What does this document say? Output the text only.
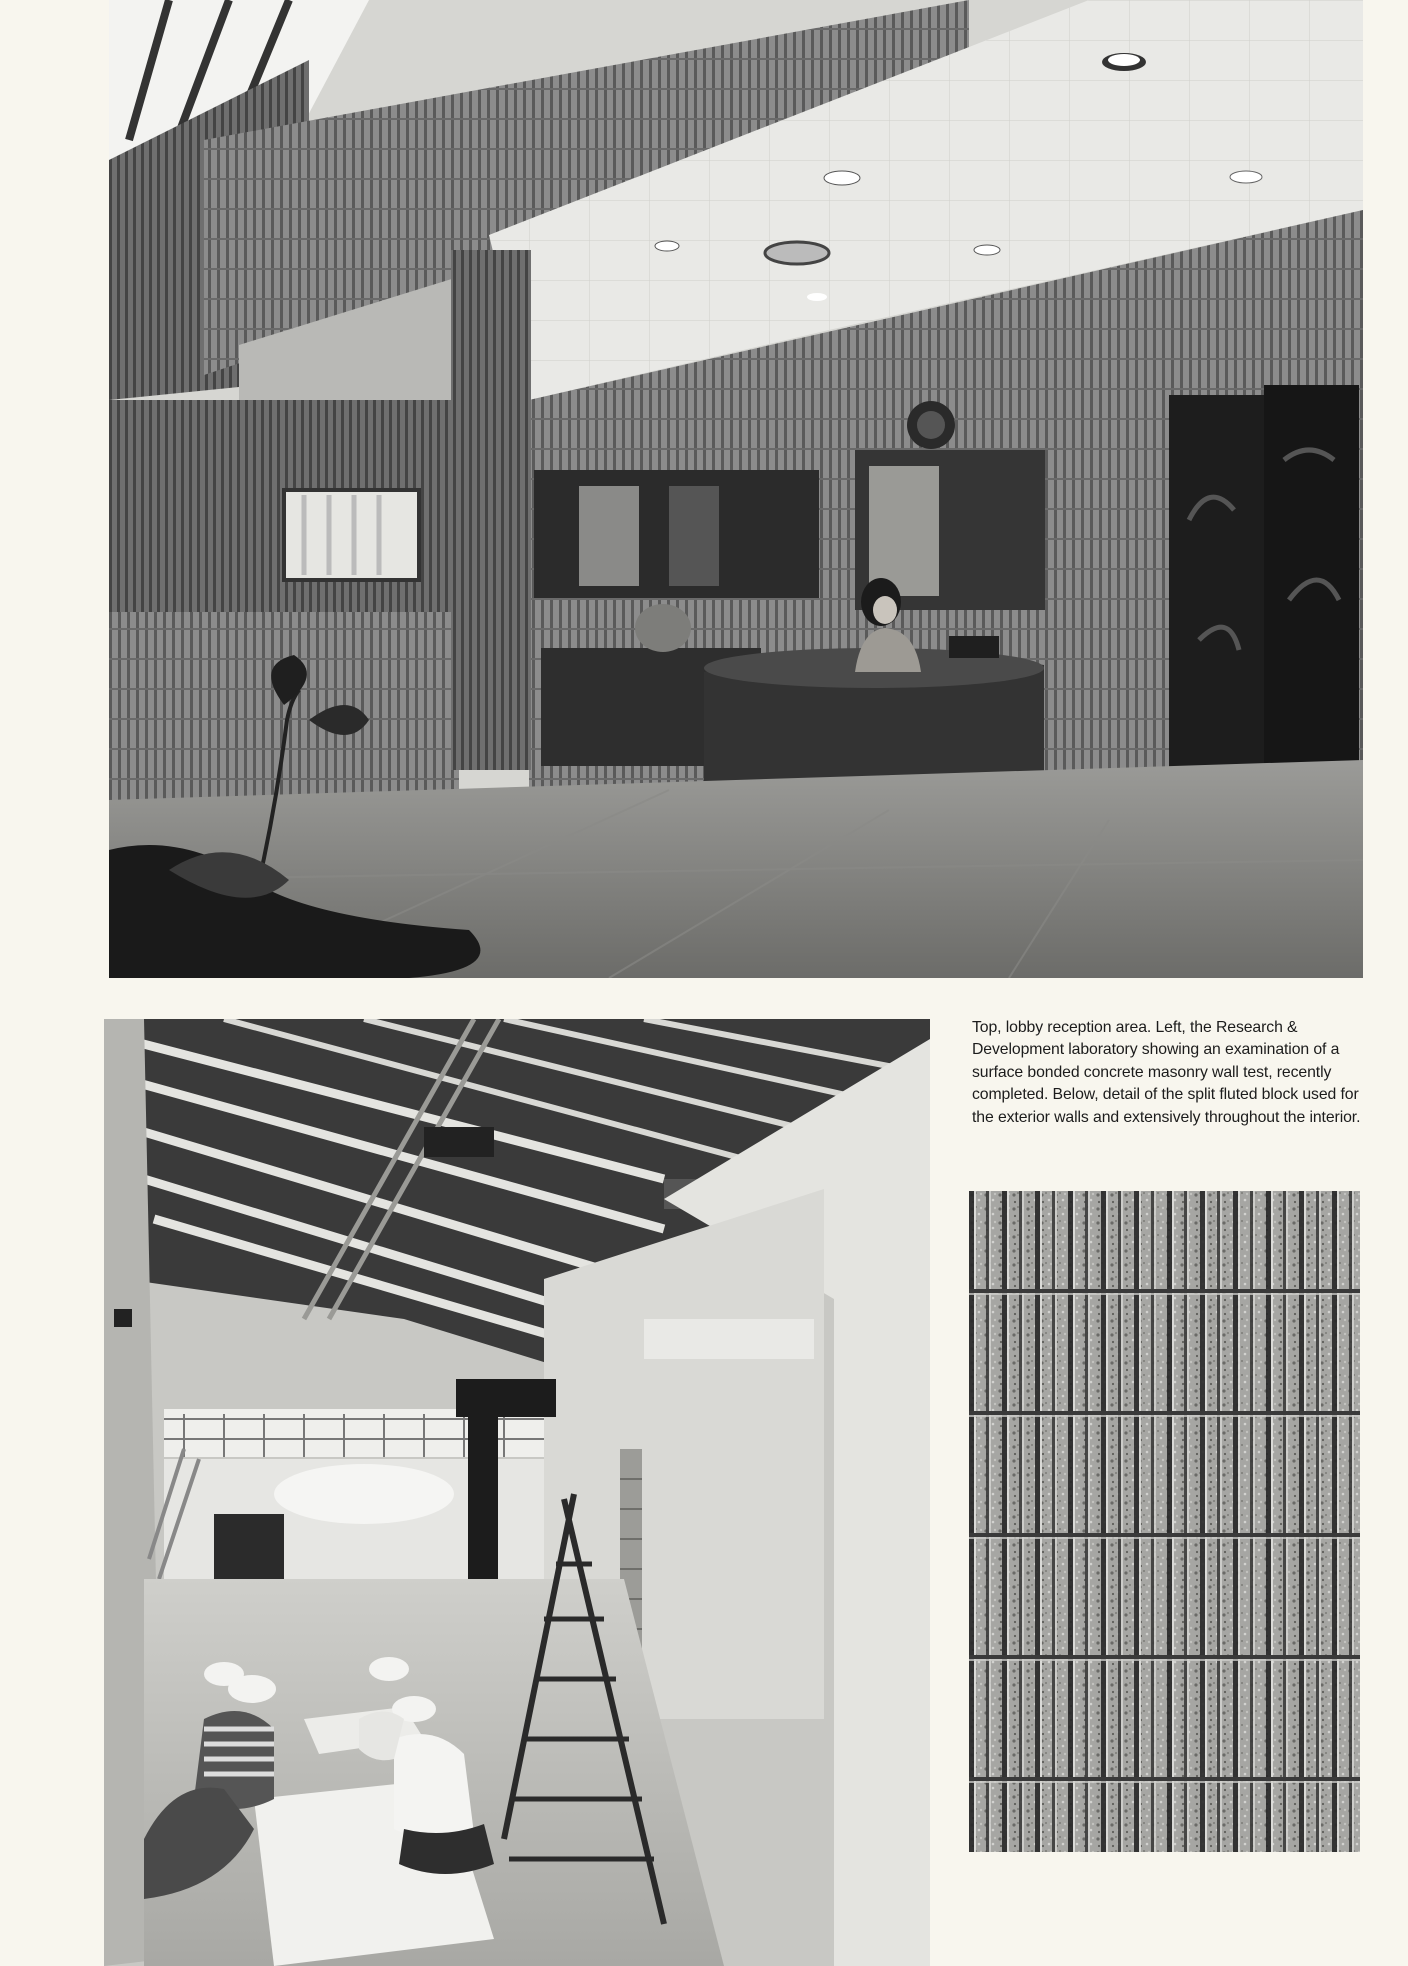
Top, lobby reception area. Left, the Research & Development laboratory showing an examination of a surface bonded concrete masonry wall test, recently completed. Below, detail of the split fluted block used for the exterior walls and extensively throughout the interior.
